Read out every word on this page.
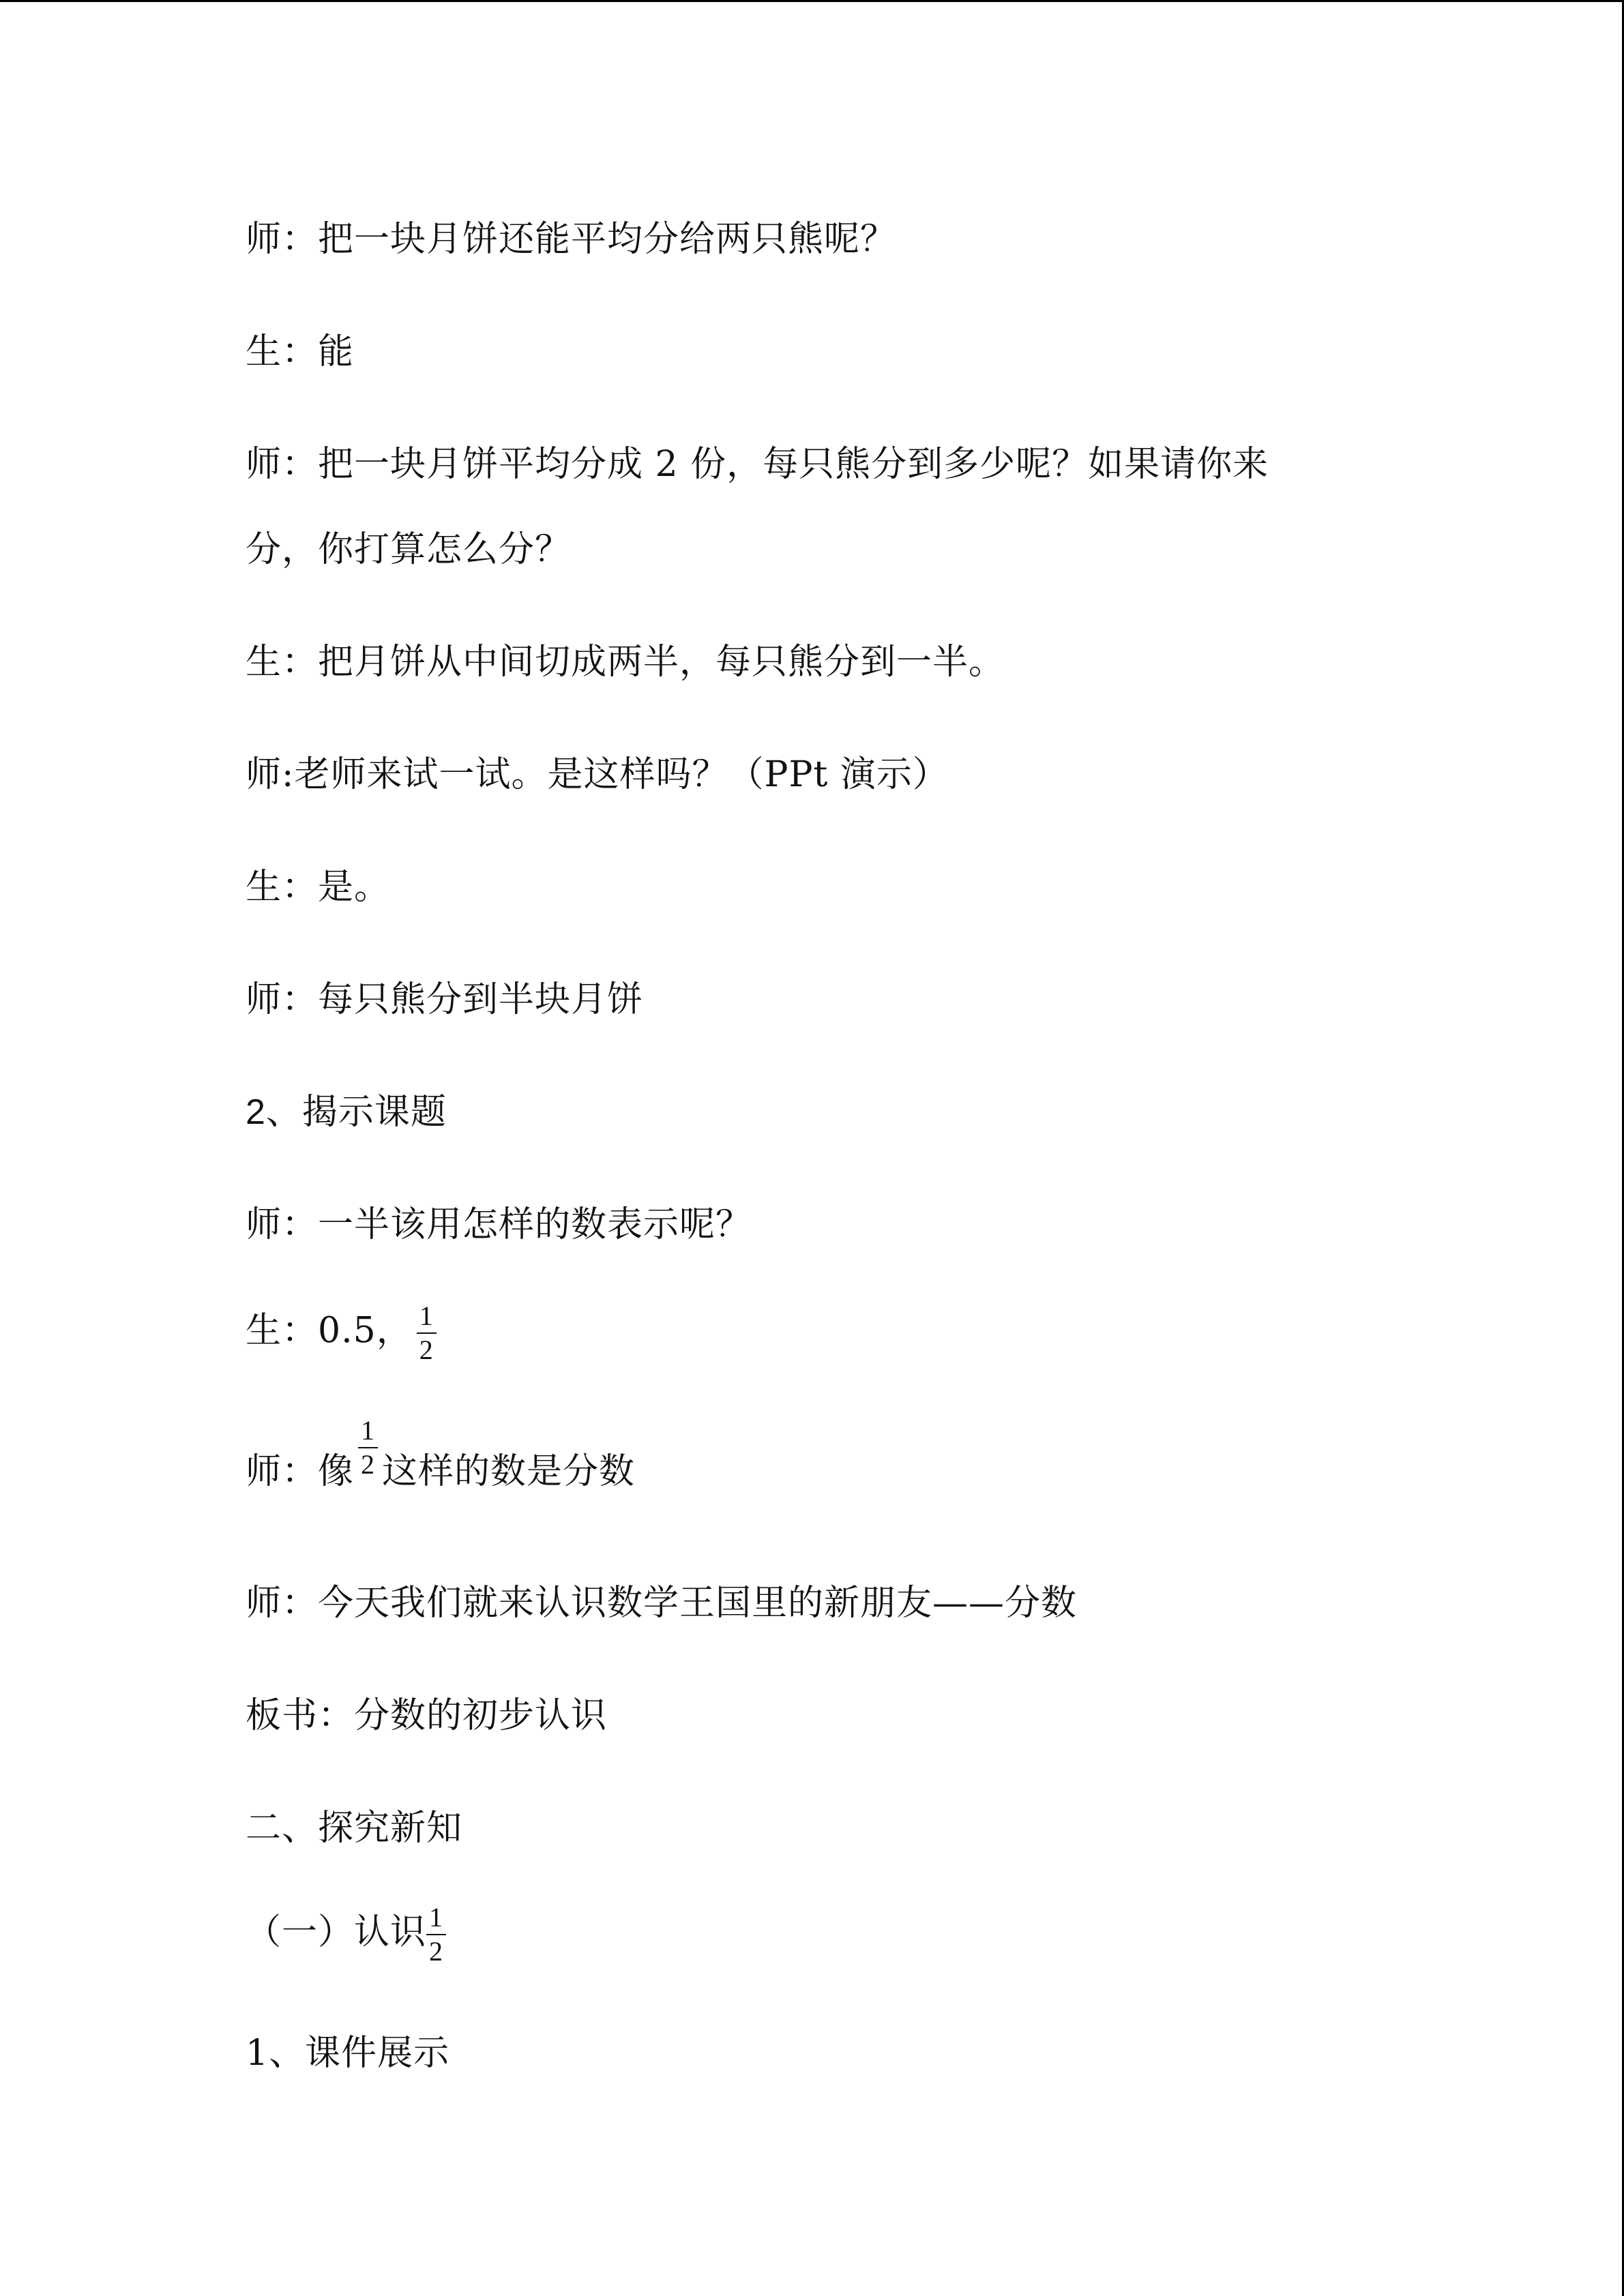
师：把一块月饼还能平均分给两只熊呢？
生：能
师：把一块月饼平均分成 2 份，每只熊分到多少呢？如果请你来
分，你打算怎么分？
生：把月饼从中间切成两半，每只熊分到一半。
师:老师来试一试。是这样吗？（PPt 演示）
生：是。
师：每只熊分到半块月饼
2、揭示课题
师：一半该用怎样的数表示呢？
生：0.5， $\frac{1}{2}$
师：像 $\frac{1}{2}$ 这样的数是分数
师：今天我们就来认识数学王国里的新朋友——分数
板书：分数的初步认识
二、探究新知
（一）认识 $\frac{1}{2}$
1、课件展示
